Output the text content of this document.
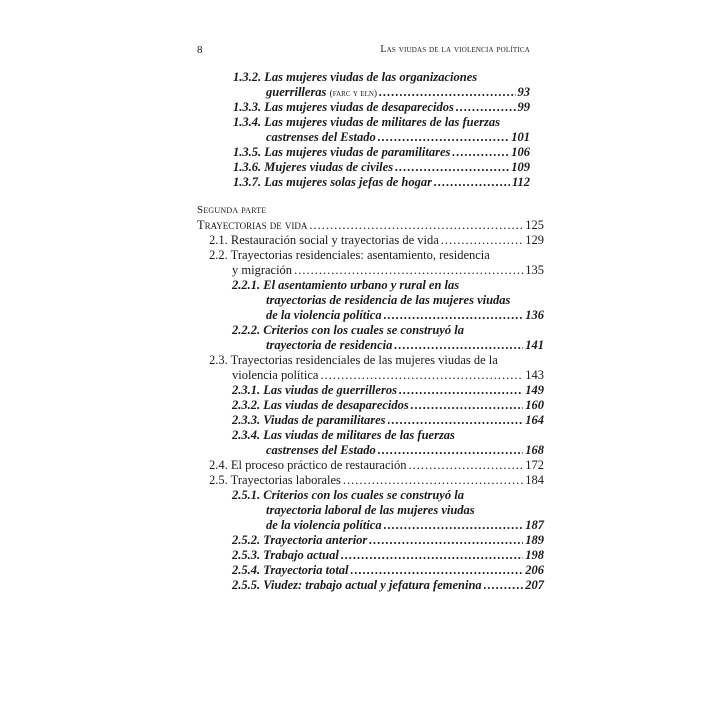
8	Las viudas de la violencia política
1.3.2. Las mujeres viudas de las organizaciones
guerrilleras (farc y eln) .....	93
1.3.3. Las mujeres viudas de desaparecidos .....	99
1.3.4. Las mujeres viudas de militares de las fuerzas
castrenses del Estado .....	101
1.3.5. Las mujeres viudas de paramilitares .....	106
1.3.6. Mujeres viudas de civiles .....	109
1.3.7. Las mujeres solas jefas de hogar .....	112
Segunda parte
Trayectorias de vida .....	125
2.1. Restauración social y trayectorias de vida .....	129
2.2. Trayectorias residenciales: asentamiento, residencia
y migración .....	135
2.2.1. El asentamiento urbano y rural en las
trayectorias de residencia de las mujeres viudas
de la violencia política .....	136
2.2.2. Criterios con los cuales se construyó la
trayectoria de residencia .....	141
2.3. Trayectorias residenciales de las mujeres viudas de la
violencia política .....	143
2.3.1. Las viudas de guerrilleros .....	149
2.3.2. Las viudas de desaparecidos .....	160
2.3.3. Viudas de paramilitares .....	164
2.3.4. Las viudas de militares de las fuerzas
castrenses del Estado .....	168
2.4. El proceso práctico de restauración .....	172
2.5. Trayectorias laborales .....	184
2.5.1. Criterios con los cuales se construyó la
trayectoria laboral de las mujeres viudas
de la violencia política .....	187
2.5.2. Trayectoria anterior .....	189
2.5.3. Trabajo actual .....	198
2.5.4. Trayectoria total .....	206
2.5.5. Viudez: trabajo actual y jefatura femenina .....	207
